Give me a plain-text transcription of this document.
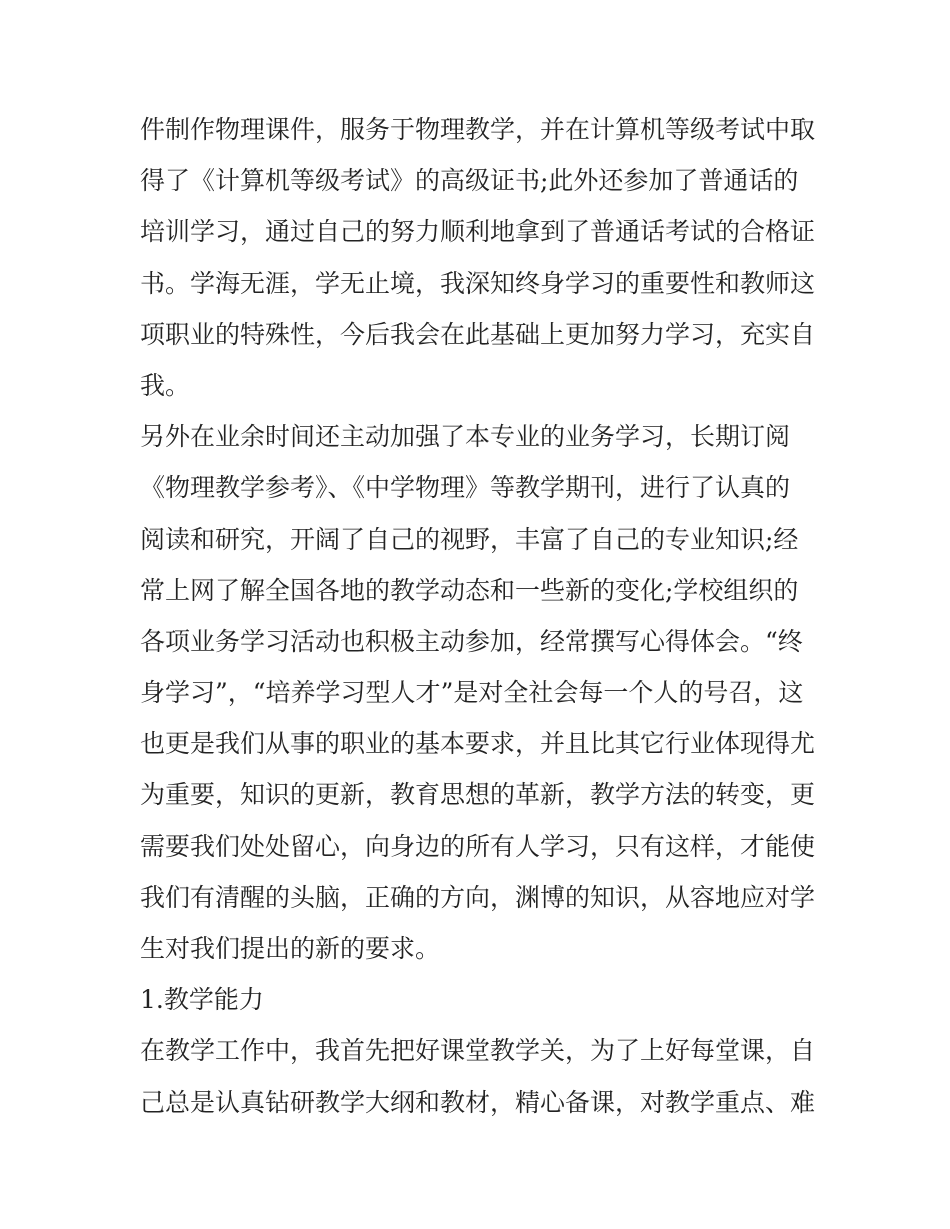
件制作物理课件，服务于物理教学，并在计算机等级考试中取
得了《计算机等级考试》的高级证书;此外还参加了普通话的
培训学习，通过自己的努力顺利地拿到了普通话考试的合格证
书。学海无涯，学无止境，我深知终身学习的重要性和教师这
项职业的特殊性，今后我会在此基础上更加努力学习，充实自
我。
另外在业余时间还主动加强了本专业的业务学习，长期订阅
《物理教学参考》、《中学物理》等教学期刊，进行了认真的
阅读和研究，开阔了自己的视野，丰富了自己的专业知识;经
常上网了解全国各地的教学动态和一些新的变化;学校组织的
各项业务学习活动也积极主动参加，经常撰写心得体会。“终
身学习”，“培养学习型人才”是对全社会每一个人的号召，这
也更是我们从事的职业的基本要求，并且比其它行业体现得尤
为重要，知识的更新，教育思想的革新，教学方法的转变，更
需要我们处处留心，向身边的所有人学习，只有这样，才能使
我们有清醒的头脑，正确的方向，渊博的知识，从容地应对学
生对我们提出的新的要求。
1.教学能力
在教学工作中，我首先把好课堂教学关，为了上好每堂课，自
己总是认真钻研教学大纲和教材，精心备课，对教学重点、难
